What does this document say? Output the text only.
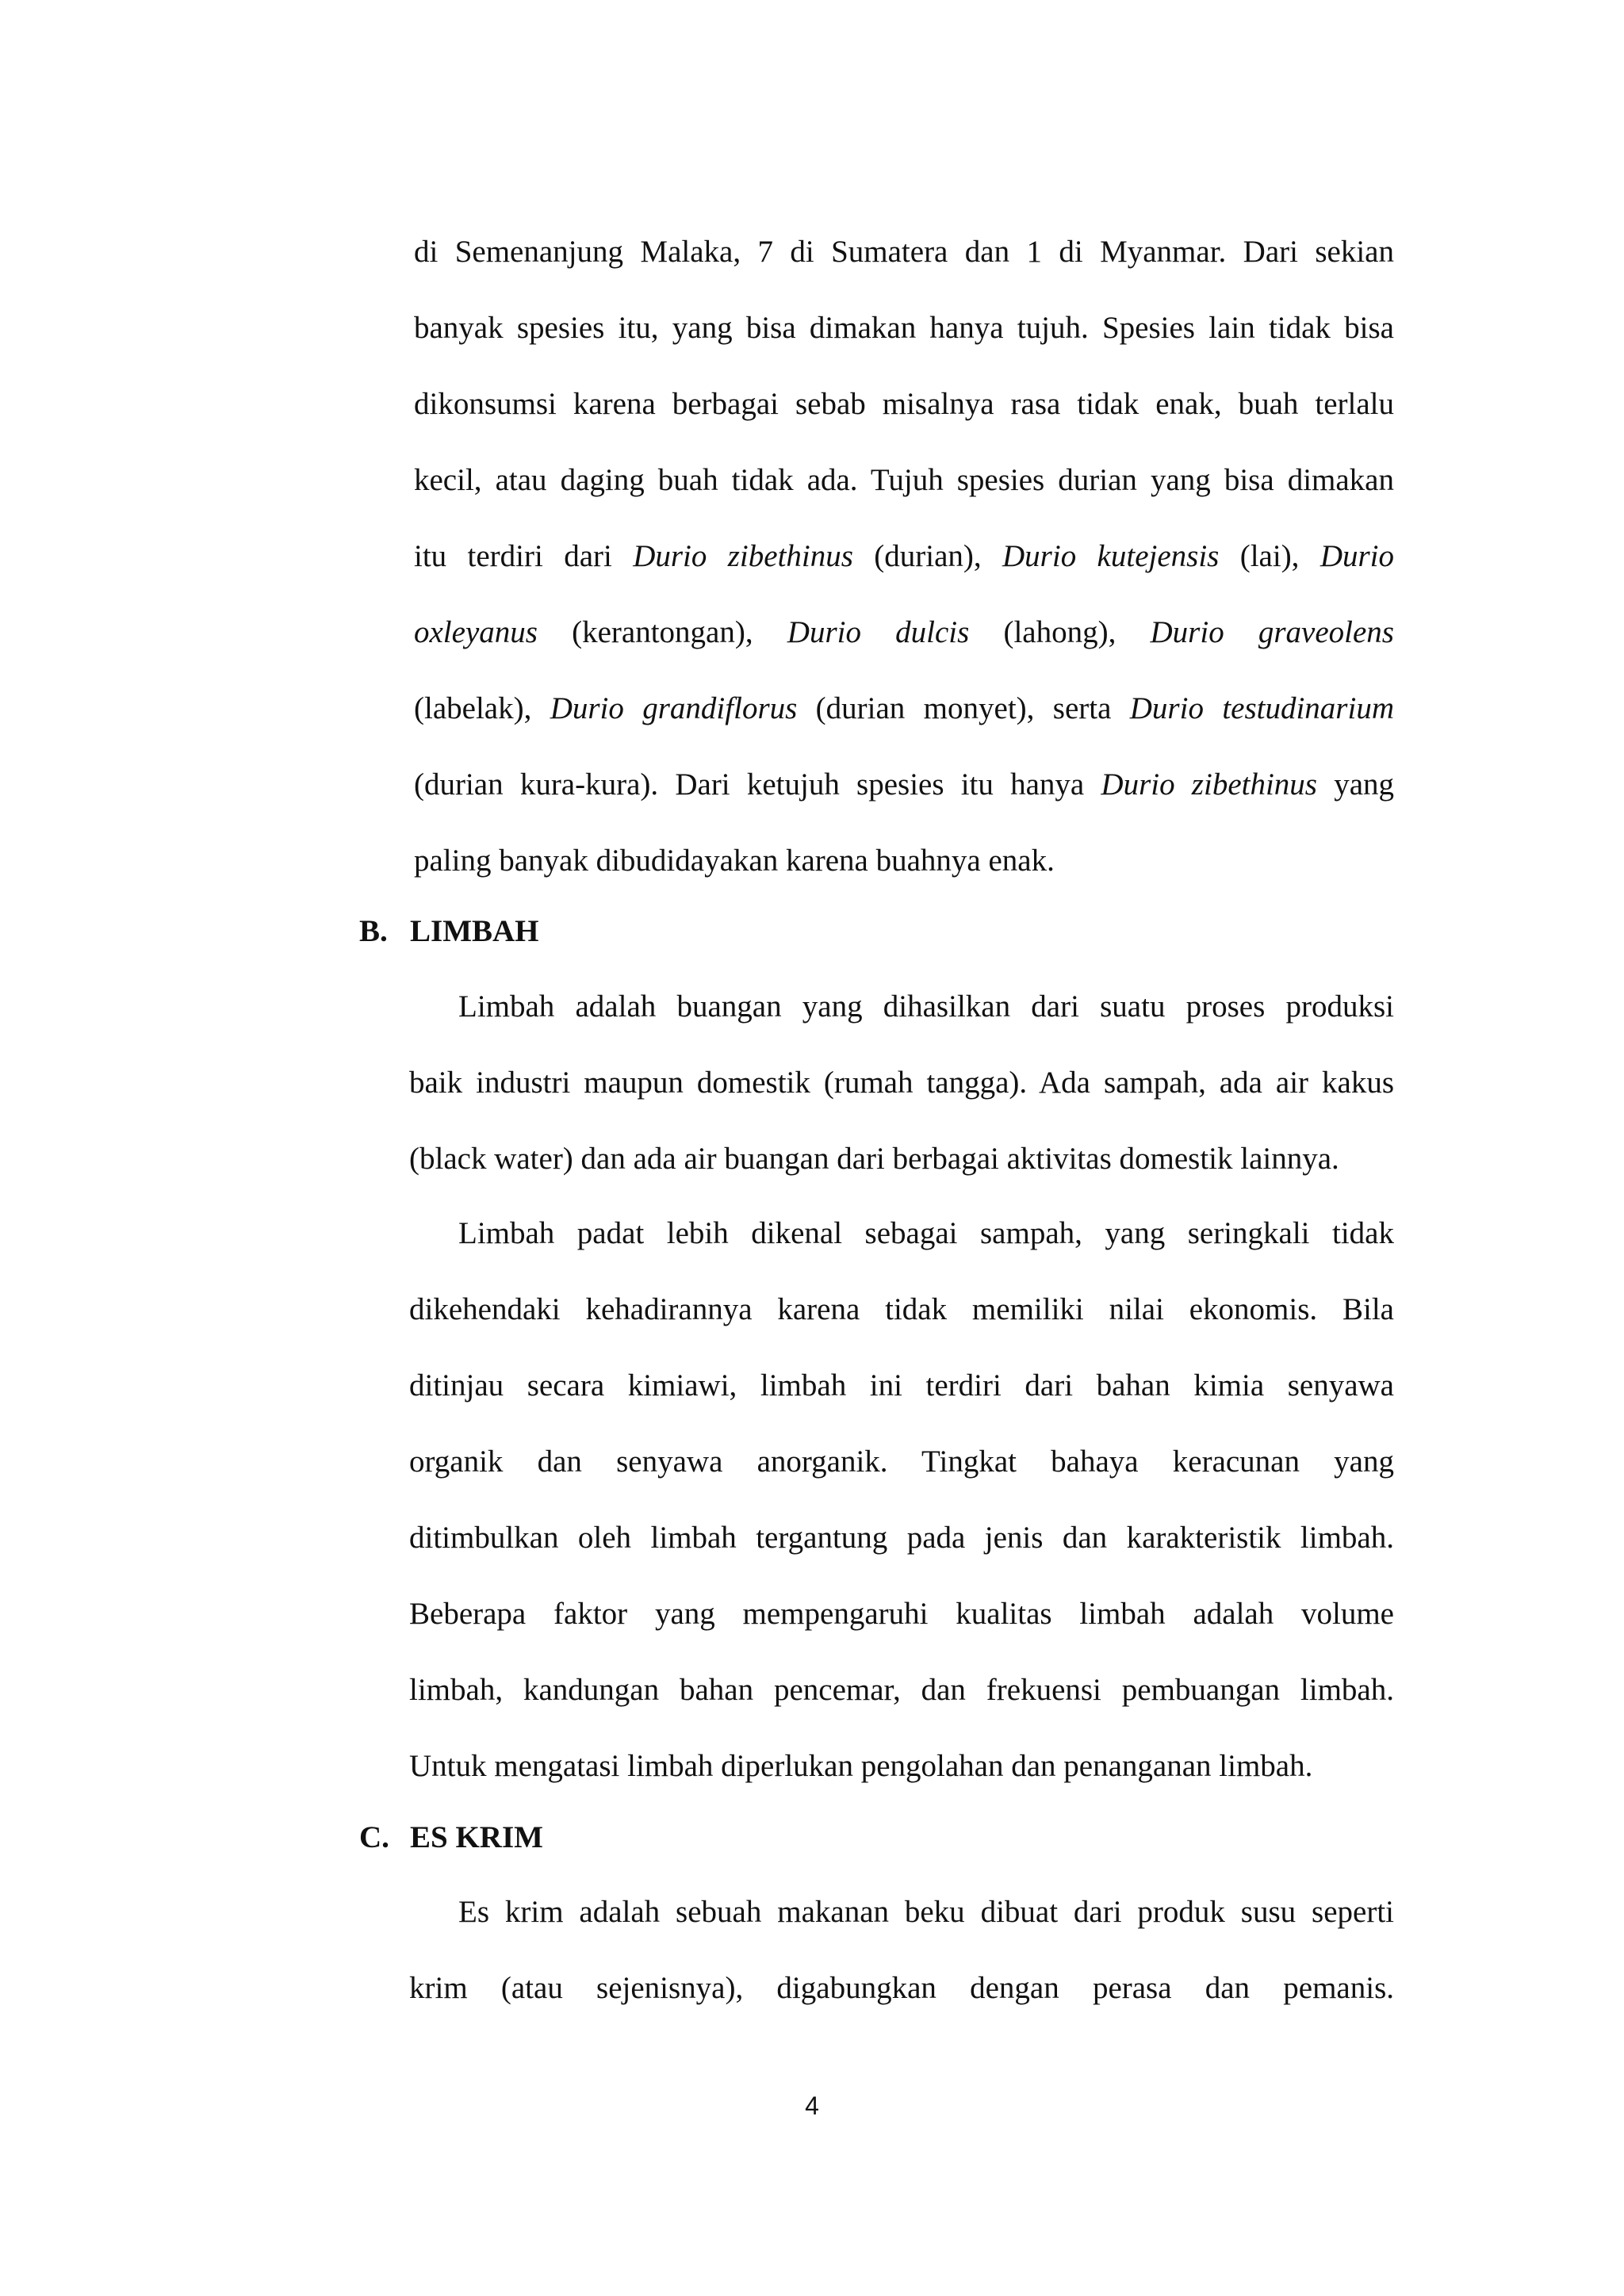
di Semenanjung Malaka, 7 di Sumatera dan 1 di Myanmar. Dari sekian
banyak spesies itu, yang bisa dimakan hanya tujuh. Spesies lain tidak bisa
dikonsumsi karena berbagai sebab misalnya rasa tidak enak, buah terlalu
kecil, atau daging buah tidak ada. Tujuh spesies durian yang bisa dimakan
itu terdiri dari Durio zibethinus (durian), Durio kutejensis (lai), Durio
oxleyanus (kerantongan), Durio dulcis (lahong), Durio graveolens
(labelak), Durio grandiflorus (durian monyet), serta Durio testudinarium
(durian kura-kura). Dari ketujuh spesies itu hanya Durio zibethinus yang
paling banyak dibudidayakan karena buahnya enak.
B. LIMBAH
Limbah adalah buangan yang dihasilkan dari suatu proses produksi
baik industri maupun domestik (rumah tangga). Ada sampah, ada air kakus
(black water) dan ada air buangan dari berbagai aktivitas domestik lainnya.
Limbah padat lebih dikenal sebagai sampah, yang seringkali tidak
dikehendaki kehadirannya karena tidak memiliki nilai ekonomis. Bila
ditinjau secara kimiawi, limbah ini terdiri dari bahan kimia senyawa
organik dan senyawa anorganik. Tingkat bahaya keracunan yang
ditimbulkan oleh limbah tergantung pada jenis dan karakteristik limbah.
Beberapa faktor yang mempengaruhi kualitas limbah adalah volume
limbah, kandungan bahan pencemar, dan frekuensi pembuangan limbah.
Untuk mengatasi limbah diperlukan pengolahan dan penanganan limbah.
C. ES KRIM
Es krim adalah sebuah makanan beku dibuat dari produk susu seperti
krim (atau sejenisnya), digabungkan dengan perasa dan pemanis.
4
